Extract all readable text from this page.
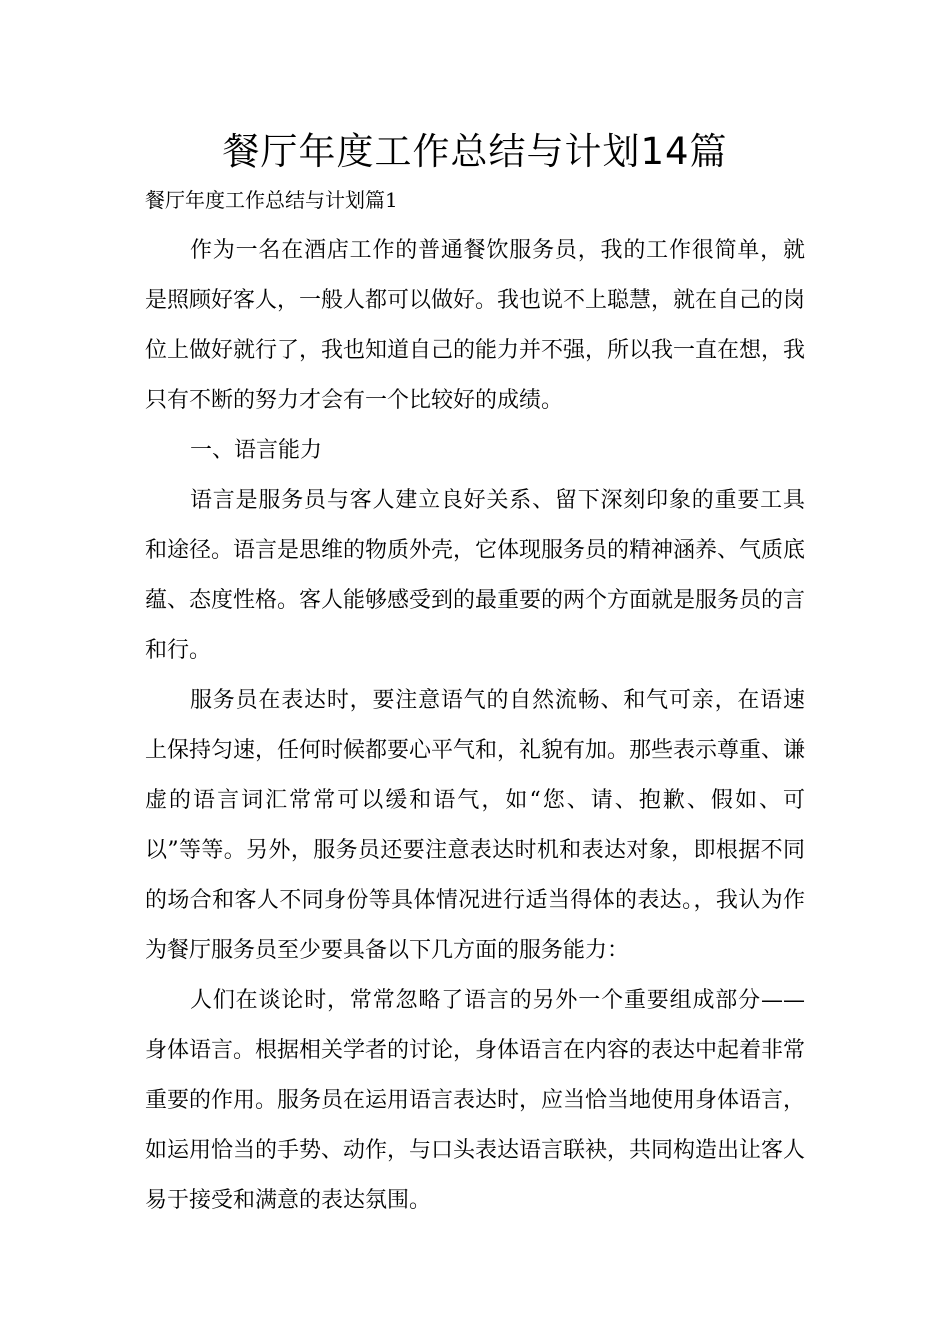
餐厅年度工作总结与计划14篇
餐厅年度工作总结与计划篇1

作为一名在酒店工作的普通餐饮服务员，我的工作很简单，就是照顾好客人，一般人都可以做好。我也说不上聪慧，就在自己的岗位上做好就行了，我也知道自己的能力并不强，所以我一直在想，我只有不断的努力才会有一个比较好的成绩。

一、语言能力

语言是服务员与客人建立良好关系、留下深刻印象的重要工具和途径。语言是思维的物质外壳，它体现服务员的精神涵养、气质底蕴、态度性格。客人能够感受到的最重要的两个方面就是服务员的言和行。

服务员在表达时，要注意语气的自然流畅、和气可亲，在语速上保持匀速，任何时候都要心平气和，礼貌有加。那些表示尊重、谦虚的语言词汇常常可以缓和语气，如“您、请、抱歉、假如、可以”等等。另外，服务员还要注意表达时机和表达对象，即根据不同的场合和客人不同身份等具体情况进行适当得体的表达。，我认为作为餐厅服务员至少要具备以下几方面的服务能力：

人们在谈论时，常常忽略了语言的另外一个重要组成部分——身体语言。根据相关学者的讨论，身体语言在内容的表达中起着非常重要的作用。服务员在运用语言表达时，应当恰当地使用身体语言，如运用恰当的手势、动作，与口头表达语言联袂，共同构造出让客人易于接受和满意的表达氛围。
